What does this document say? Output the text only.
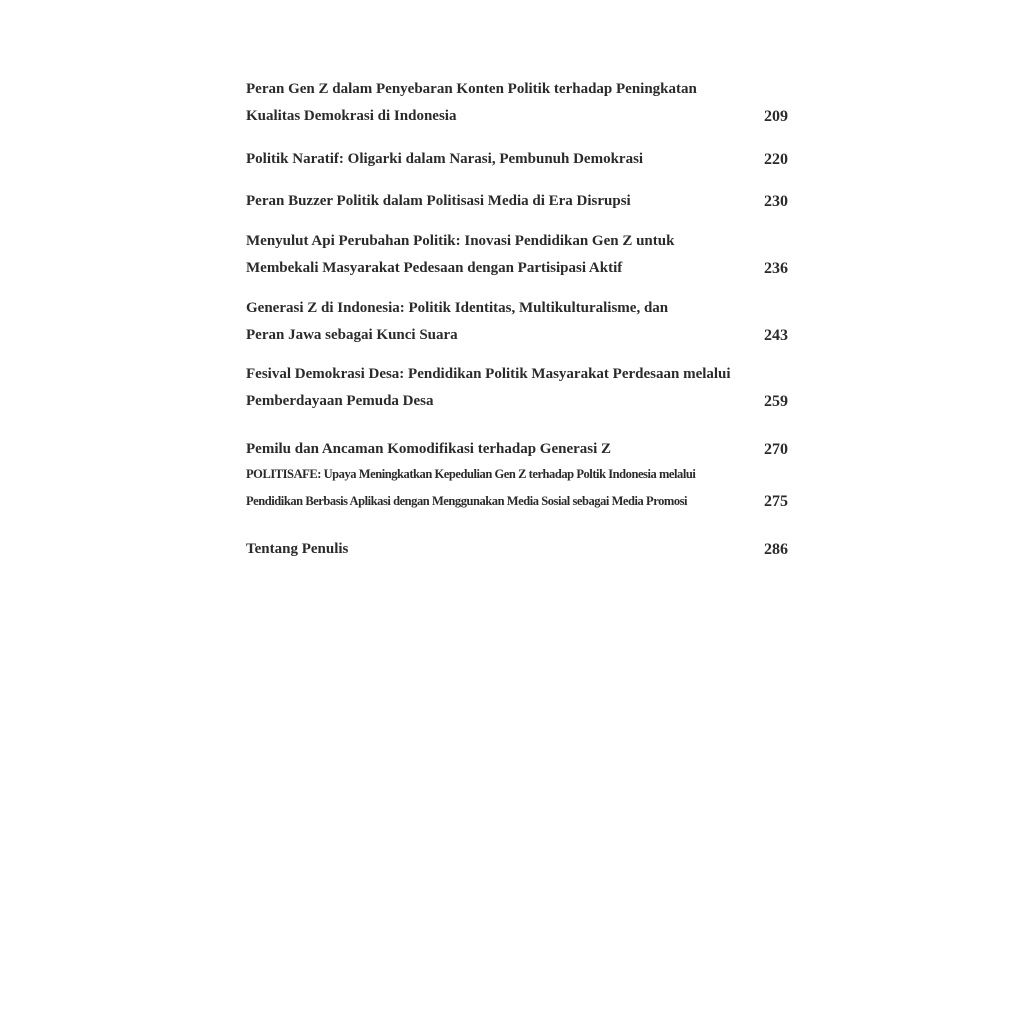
Peran Gen Z dalam Penyebaran Konten Politik terhadap Peningkatan
Kualitas Demokrasi di Indonesia	209
Politik Naratif: Oligarki dalam Narasi, Pembunuh Demokrasi	220
Peran Buzzer Politik dalam Politisasi Media di Era Disrupsi	230
Menyulut Api Perubahan Politik: Inovasi Pendidikan Gen Z untuk
Membekali Masyarakat Pedesaan dengan Partisipasi Aktif	236
Generasi Z di Indonesia: Politik Identitas, Multikulturalisme, dan
Peran Jawa sebagai Kunci Suara	243
Fesival Demokrasi Desa: Pendidikan Politik Masyarakat Perdesaan melalui
Pemberdayaan Pemuda Desa	259
Pemilu dan Ancaman Komodifikasi terhadap Generasi Z	270
POLITISAFE: Upaya Meningkatkan Kepedulian Gen Z terhadap Poltik Indonesia melalui
Pendidikan Berbasis Aplikasi dengan Menggunakan Media Sosial sebagai Media Promosi	275
Tentang Penulis	286
